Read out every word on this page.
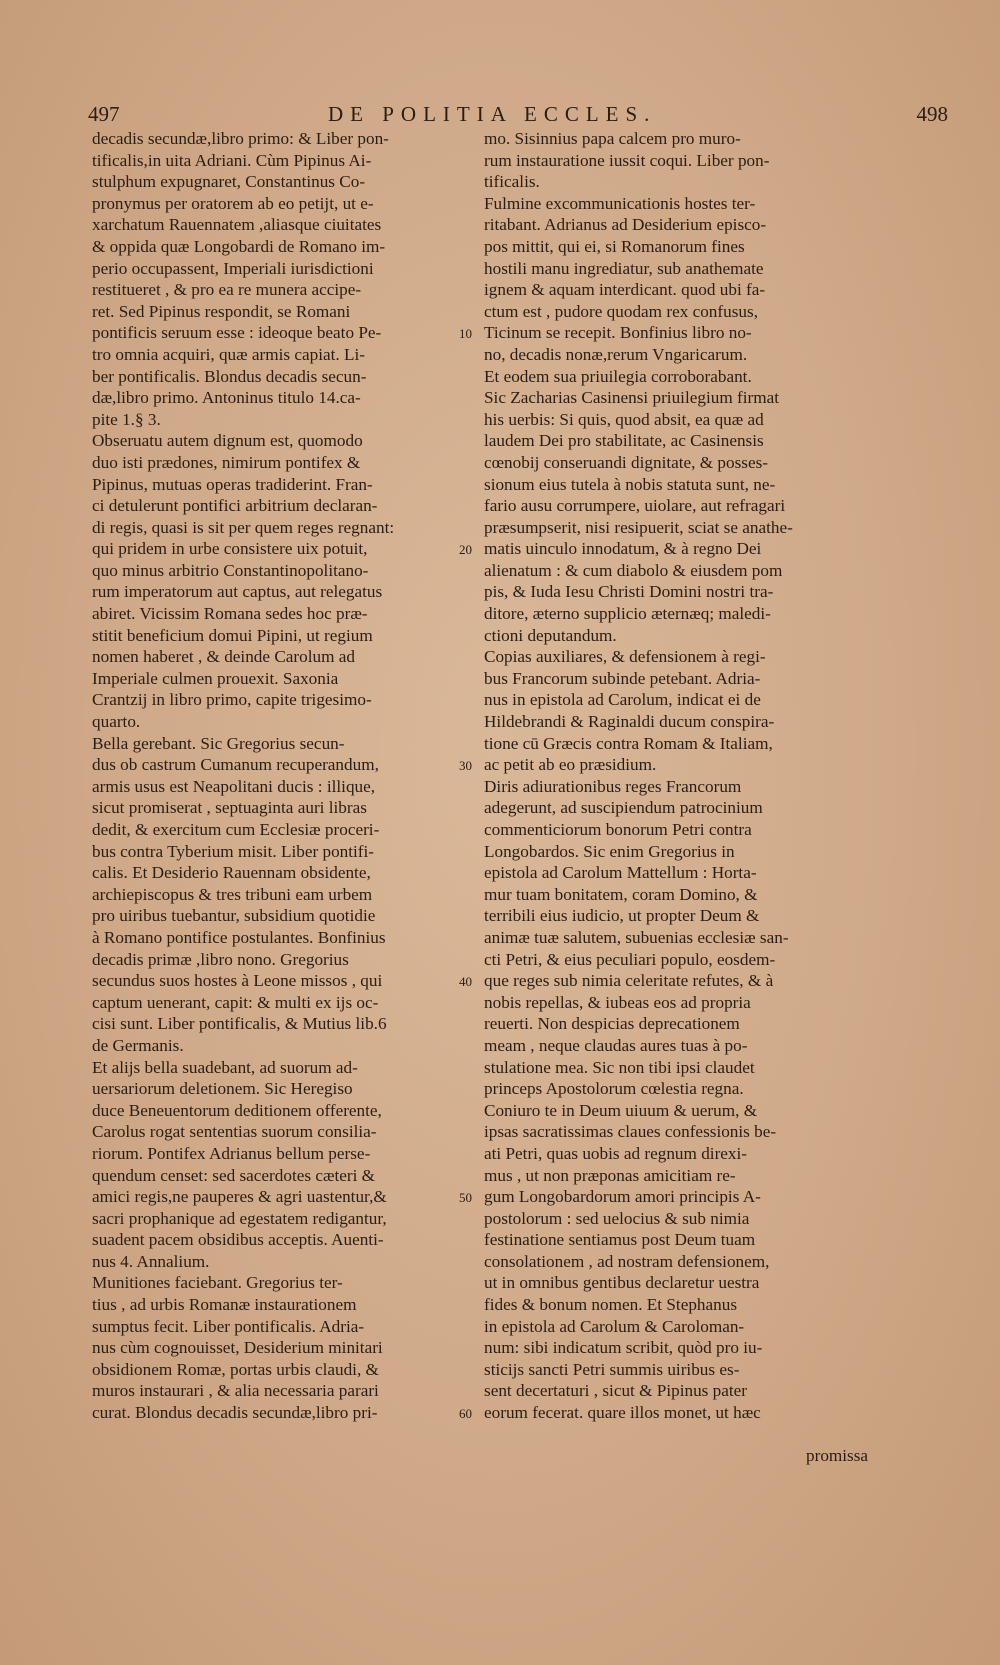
497	DE POLITIA ECCLES.	498
decadis secundæ,libro primo: & Liber pon-
tificalis,in uita Adriani. Cùm Pipinus Ai-
stulphum expugnaret, Constantinus Co-
pronymus per oratorem ab eo petijt, ut e-
xarchatum Rauennatem ,aliasque ciuitates
& oppida quæ Longobardi de Romano im-
perio occupassent, Imperiali iurisdictioni
restitueret , & pro ea re munera accipe-
ret. Sed Pipinus respondit, se Romani
pontificis seruum esse : ideoque beato Pe-
tro omnia acquiri, quæ armis capiat. Li-
ber pontificalis. Blondus decadis secun-
dæ,libro primo. Antoninus titulo 14.ca-
pite 1.§ 3.
Obseruatu autem dignum est, quomodo
duo isti prædones, nimirum pontifex &
Pipinus, mutuas operas tradiderint. Fran-
ci detulerunt pontifici arbitrium declaran-
di regis, quasi is sit per quem reges regnant:
qui pridem in urbe consistere uix potuit,
quo minus arbitrio Constantinopolitano-
rum imperatorum aut captus, aut relegatus
abiret. Vicissim Romana sedes hoc præ-
stitit beneficium domui Pipini, ut regium
nomen haberet , & deinde Carolum ad
Imperiale culmen prouexit. Saxonia
Crantzij in libro primo, capite trigesimo-
quarto.
Bella gerebant. Sic Gregorius secun-
dus ob castrum Cumanum recuperandum,
armis usus est Neapolitani ducis : illique,
sicut promiserat , septuaginta auri libras
dedit, & exercitum cum Ecclesiæ proceri-
bus contra Tyberium misit. Liber pontifi-
calis. Et Desiderio Rauennam obsidente,
archiepiscopus & tres tribuni eam urbem
pro uiribus tuebantur, subsidium quotidie
à Romano pontifice postulantes. Bonfinius
decadis primæ ,libro nono. Gregorius
secundus suos hostes à Leone missos , qui
captum uenerant, capit: & multi ex ijs oc-
cisi sunt. Liber pontificalis, & Mutius lib.6
de Germanis.
Et alijs bella suadebant, ad suorum ad-
uersariorum deletionem. Sic Heregiso
duce Beneuentorum deditionem offerente,
Carolus rogat sententias suorum consilia-
riorum. Pontifex Adrianus bellum perse-
quendum censet: sed sacerdotes cæteri &
amici regis,ne pauperes & agri uastentur,&
sacri prophanique ad egestatem redigantur,
suadent pacem obsidibus acceptis. Auenti-
nus 4. Annalium.
Munitiones faciebant. Gregorius ter-
tius , ad urbis Romanæ instaurationem
sumptus fecit. Liber pontificalis. Adria-
nus cùm cognouisset, Desiderium minitari
obsidionem Romæ, portas urbis claudi, &
muros instaurari , & alia necessaria parari
curat. Blondus decadis secundæ,libro pri-
10
20
30
40
50
60
mo. Sisinnius papa calcem pro muro-
rum instauratione iussit coqui. Liber pon-
tificalis.
Fulmine excommunicationis hostes ter-
ritabant. Adrianus ad Desiderium episco-
pos mittit, qui ei, si Romanorum fines
hostili manu ingrediatur, sub anathemate
ignem & aquam interdicant. quod ubi fa-
ctum est , pudore quodam rex confusus,
Ticinum se recepit. Bonfinius libro no-
no, decadis nonæ,rerum Vngaricarum.
Et eodem sua priuilegia corroborabant.
Sic Zacharias Casinensi priuilegium firmat
his uerbis: Si quis, quod absit, ea quæ ad
laudem Dei pro stabilitate, ac Casinensis
cœnobij conseruandi dignitate, & posses-
sionum eius tutela à nobis statuta sunt, ne-
fario ausu corrumpere, uiolare, aut refragari
præsumpserit, nisi resipuerit, sciat se anathe-
matis uinculo innodatum, & à regno Dei
alienatum : & cum diabolo & eiusdem pom
pis, & Iuda Iesu Christi Domini nostri tra-
ditore, æterno supplicio æternæq; maledi-
ctioni deputandum.
Copias auxiliares, & defensionem à regi-
bus Francorum subinde petebant. Adria-
nus in epistola ad Carolum, indicat ei de
Hildebrandi & Raginaldi ducum conspira-
tione cū Græcis contra Romam & Italiam,
ac petit ab eo præsidium.
Diris adiurationibus reges Francorum
adegerunt, ad suscipiendum patrocinium
commenticiorum bonorum Petri contra
Longobardos. Sic enim Gregorius in
epistola ad Carolum Mattellum : Horta-
mur tuam bonitatem, coram Domino, &
terribili eius iudicio, ut propter Deum &
animæ tuæ salutem, subuenias ecclesiæ san-
cti Petri, & eius peculiari populo, eosdem-
que reges sub nimia celeritate refutes, & à
nobis repellas, & iubeas eos ad propria
reuerti. Non despicias deprecationem
meam , neque claudas aures tuas à po-
stulatione mea. Sic non tibi ipsi claudet
princeps Apostolorum cœlestia regna.
Coniuro te in Deum uiuum & uerum, &
ipsas sacratissimas claues confessionis be-
ati Petri, quas uobis ad regnum direxi-
mus , ut non præponas amicitiam re-
gum Longobardorum amori principis A-
postolorum : sed uelocius & sub nimia
festinatione sentiamus post Deum tuam
consolationem , ad nostram defensionem,
ut in omnibus gentibus declaretur uestra
fides & bonum nomen. Et Stephanus
in epistola ad Carolum & Caroloman-
num: sibi indicatum scribit, quòd pro iu-
sticijs sancti Petri summis uiribus es-
sent decertaturi , sicut & Pipinus pater
eorum fecerat. quare illos monet, ut hæc
promissa
